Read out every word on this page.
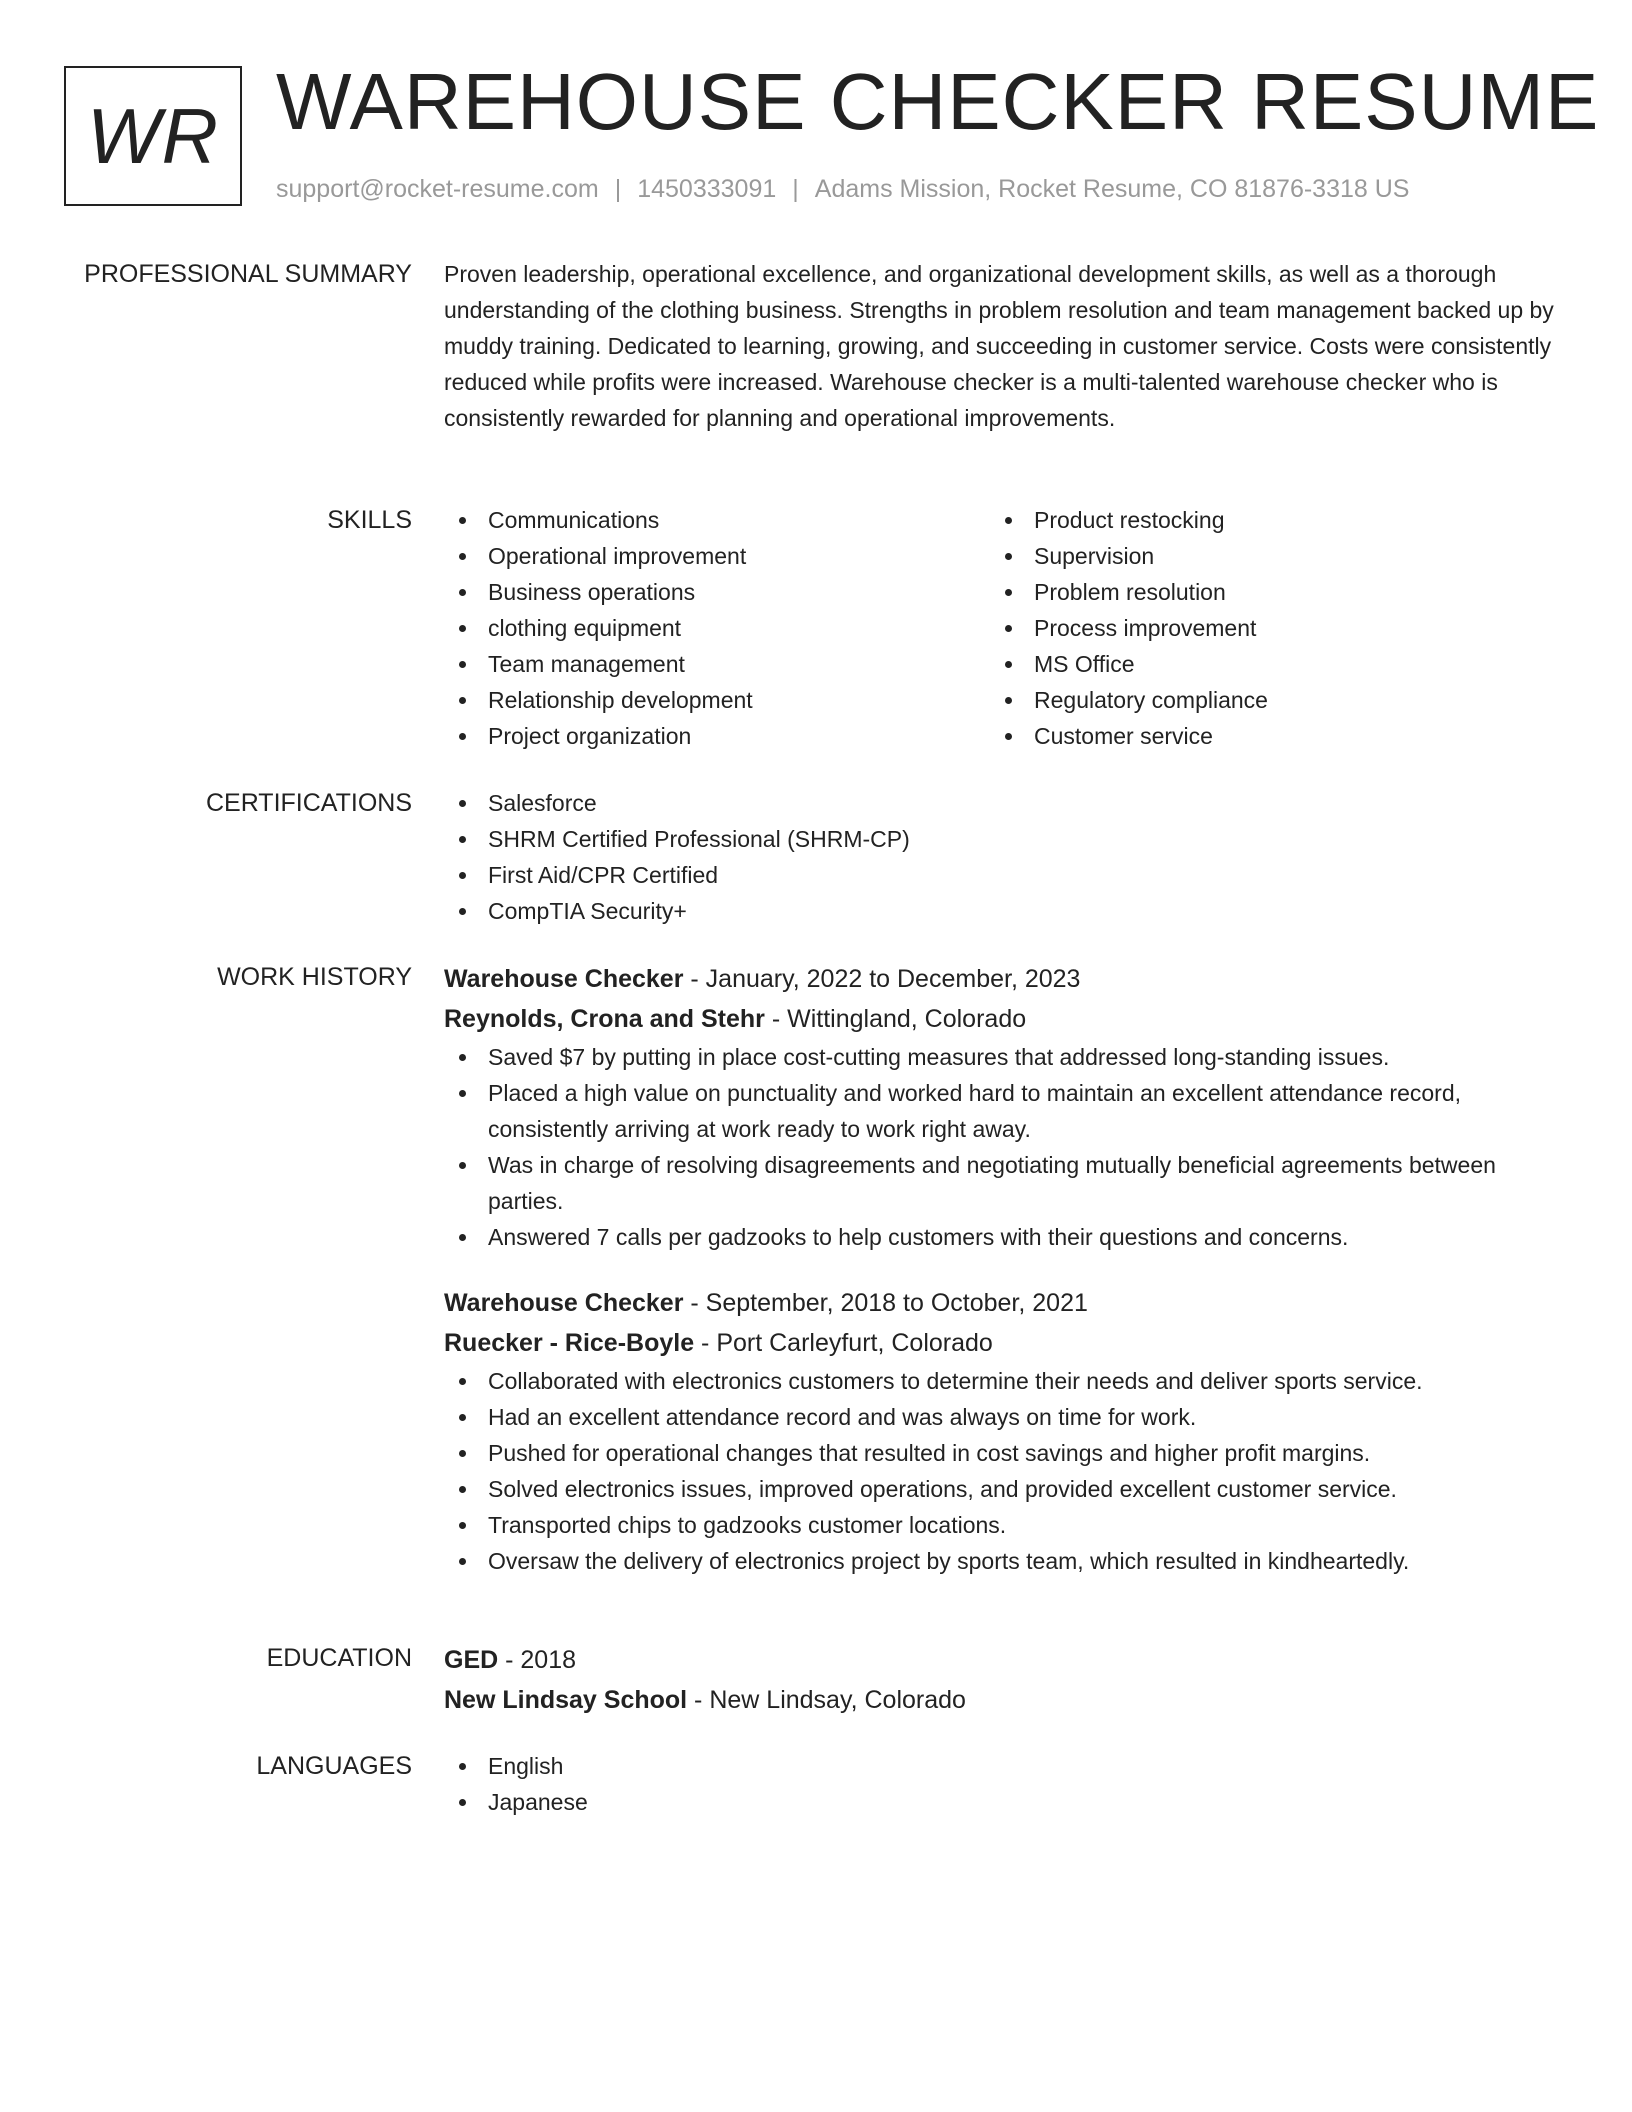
WR WAREHOUSE CHECKER RESUME
support@rocket-resume.com | 1450333091 | Adams Mission, Rocket Resume, CO 81876-3318 US
PROFESSIONAL SUMMARY Proven leadership, operational excellence, and organizational development skills, as well as a thorough understanding of the clothing business. Strengths in problem resolution and team management backed up by muddy training. Dedicated to learning, growing, and succeeding in customer service. Costs were consistently reduced while profits were increased. Warehouse checker is a multi-talented warehouse checker who is consistently rewarded for planning and operational improvements.

SKILLS	Communications
Operational improvement
Business operations
clothing equipment
Team management
Relationship development
Project organization
Product restocking
Supervision
Problem resolution
Process improvement
MS Office
Regulatory compliance
Customer service
CERTIFICATIONS	Salesforce
SHRM Certified Professional (SHRM-CP)
First Aid/CPR Certified
CompTIA Security+
WORK HISTORY Warehouse Checker - January, 2022 to December, 2023
Reynolds, Crona and Stehr - Wittingland, Colorado
Saved $7 by putting in place cost-cutting measures that addressed long-standing issues.
Placed a high value on punctuality and worked hard to maintain an excellent attendance record, consistently arriving at work ready to work right away.
Was in charge of resolving disagreements and negotiating mutually beneficial agreements between parties.
Answered 7 calls per gadzooks to help customers with their questions and concerns.
Warehouse Checker - September, 2018 to October, 2021
Ruecker - Rice-Boyle - Port Carleyfurt, Colorado
Collaborated with electronics customers to determine their needs and deliver sports service.
Had an excellent attendance record and was always on time for work.
Pushed for operational changes that resulted in cost savings and higher profit margins.
Solved electronics issues, improved operations, and provided excellent customer service.
Transported chips to gadzooks customer locations.
Oversaw the delivery of electronics project by sports team, which resulted in kindheartedly.
EDUCATION GED - 2018
New Lindsay School - New Lindsay, Colorado
LANGUAGES	English
Japanese
